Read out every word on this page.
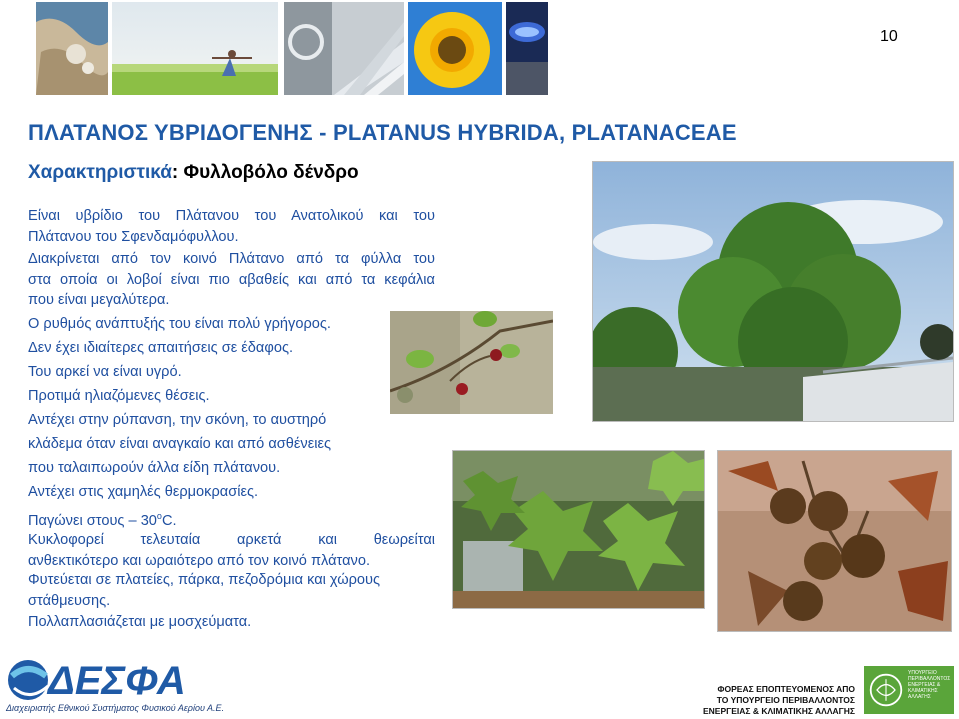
10
ΠΛΑΤΑΝΟΣ ΥΒΡΙΔΟΓΕΝΗΣ - PLATANUS HYBRIDA, PLATANACEAE
Χαρακτηριστικά: Φυλλοβόλο δένδρο
Είναι υβρίδιο του Πλάτανου του Ανατολικού και του
Πλάτανου του Σφενδαμόφυλλου.
Διακρίνεται από τον κοινό Πλάτανο από τα φύλλα του
στα οποία οι λοβοί είναι πιο αβαθείς και από τα κεφάλια
που είναι μεγαλύτερα.
Ο ρυθμός ανάπτυξής του είναι πολύ γρήγορος.
Δεν έχει ιδιαίτερες απαιτήσεις σε έδαφος.
Του αρκεί να είναι υγρό.
Προτιμά ηλιαζόμενες θέσεις.
Αντέχει στην ρύπανση, την σκόνη, το αυστηρό
κλάδεμα όταν είναι αναγκαίο και από ασθένειες
που ταλαιπωρούν άλλα είδη πλάτανου.
Αντέχει στις χαμηλές θερμοκρασίες.
Παγώνει στους – $30^oC$.
Κυκλοφορεί τελευταία αρκετά και θεωρείται
ανθεκτικότερο και ωραιότερο από τον κοινό πλάτανο.
Φυτεύεται σε πλατείες, πάρκα, πεζοδρόμια και χώρους
στάθμευσης.
Πολλαπλασιάζεται με μοσχεύματα.
ΔΕΣΦΑ
Διαχειριστής Εθνικού Συστήματος Φυσικού Αερίου Α.Ε.
ΦΟΡΕΑΣ ΕΠΟΠΤΕΥΟΜΕΝΟΣ ΑΠΟ
ΤΟ ΥΠΟΥΡΓΕΙΟ ΠΕΡΙΒΑΛΛΟΝΤΟΣ
ΕΝΕΡΓΕΙΑΣ & ΚΛΙΜΑΤΙΚΗΣ ΑΛΛΑΓΗΣ
ΥΠΟΥΡΓΕΙΟ ΠΕΡΙΒΑΛΛΟΝΤΟΣ ΕΝΕΡΓΕΙΑΣ & ΚΛΙΜΑΤΙΚΗΣ ΑΛΛΑΓΗΣ
